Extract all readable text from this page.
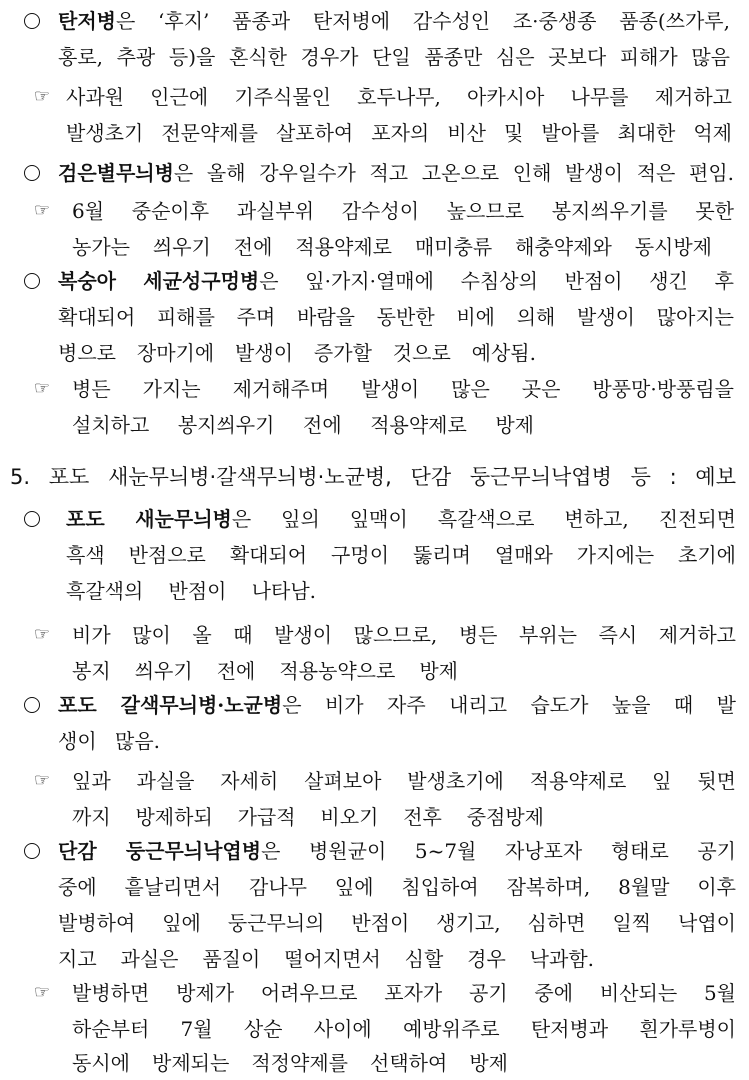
탄저병은 ‘후지’ 품종과 탄저병에 감수성인 조·중생종 품종(쓰가루,
홍로, 추광 등)을 혼식한 경우가 단일 품종만 심은 곳보다 피해가 많음
☞ 사과원 인근에 기주식물인 호두나무, 아카시아 나무를 제거하고
발생초기 전문약제를 살포하여 포자의 비산 및 발아를 최대한 억제
검은별무늬병은 올해 강우일수가 적고 고온으로 인해 발생이 적은 편임.
☞ 6월 중순이후 과실부위 감수성이 높으므로 봉지씌우기를 못한
농가는 씌우기 전에 적용약제로 매미충류 해충약제와 동시방제
복숭아 세균성구멍병은 잎·가지·열매에 수침상의 반점이 생긴 후
확대되어 피해를 주며 바람을 동반한 비에 의해 발생이 많아지는
병으로 장마기에 발생이 증가할 것으로 예상됨.
☞ 병든 가지는 제거해주며 발생이 많은 곳은 방풍망·방풍림을
설치하고 봉지씌우기 전에 적용약제로 방제
5. 포도 새눈무늬병·갈색무늬병·노균병, 단감 둥근무늬낙엽병 등 : 예보
포도 새눈무늬병은 잎의 잎맥이 흑갈색으로 변하고, 진전되면
흑색 반점으로 확대되어 구멍이 뚫리며 열매와 가지에는 초기에
흑갈색의 반점이 나타남.
☞ 비가 많이 올 때 발생이 많으므로, 병든 부위는 즉시 제거하고
봉지 씌우기 전에 적용농약으로 방제
포도 갈색무늬병·노균병은 비가 자주 내리고 습도가 높을 때 발
생이 많음.
☞ 잎과 과실을 자세히 살펴보아 발생초기에 적용약제로 잎 뒷면
까지 방제하되 가급적 비오기 전후 중점방제
단감 둥근무늬낙엽병은 병원균이 5~7월 자낭포자 형태로 공기
중에 흩날리면서 감나무 잎에 침입하여 잠복하며, 8월말 이후
발병하여 잎에 둥근무늬의 반점이 생기고, 심하면 일찍 낙엽이
지고 과실은 품질이 떨어지면서 심할 경우 낙과함.
☞ 발병하면 방제가 어려우므로 포자가 공기 중에 비산되는 5월
하순부터 7월 상순 사이에 예방위주로 탄저병과 흰가루병이
동시에 방제되는 적정약제를 선택하여 방제
